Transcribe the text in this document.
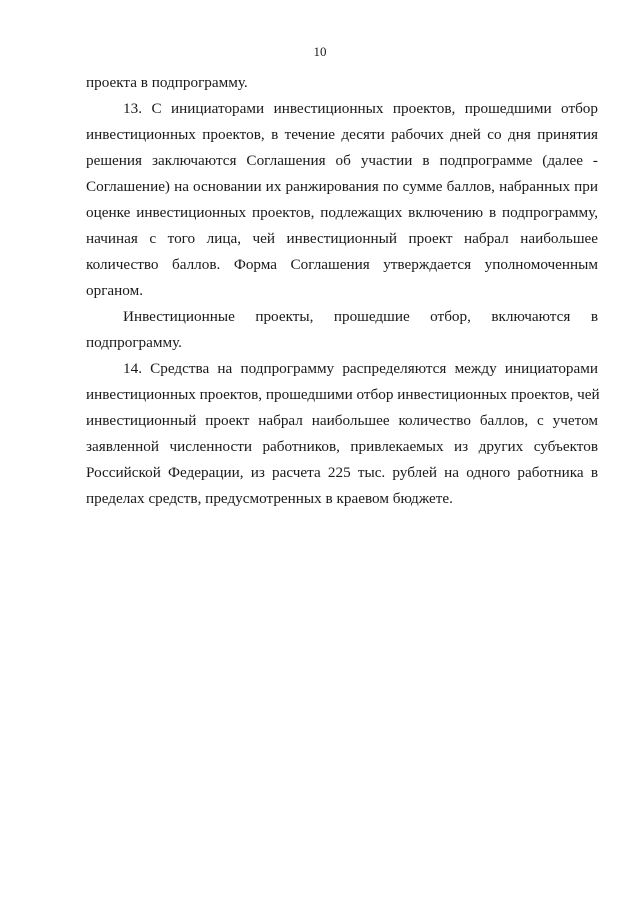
10

проекта в подпрограмму.

13. С инициаторами инвестиционных проектов, прошедшими отбор
инвестиционных проектов, в течение десяти рабочих дней со дня принятия
решения заключаются Соглашения об участии в подпрограмме (далее -
Соглашение) на основании их ранжирования по сумме баллов, набранных при
оценке инвестиционных проектов, подлежащих включению в подпрограмму,
начиная с того лица, чей инвестиционный проект набрал наибольшее
количество баллов. Форма Соглашения утверждается уполномоченным
органом.

Инвестиционные проекты, прошедшие отбор, включаются в
подпрограмму.

14. Средства на подпрограмму распределяются между инициаторами
инвестиционных проектов, прошедшими отбор инвестиционных проектов, чей
инвестиционный проект набрал наибольшее количество баллов, с учетом
заявленной численности работников, привлекаемых из других субъектов
Российской Федерации, из расчета 225 тыс. рублей на одного работника в
пределах средств, предусмотренных в краевом бюджете.
